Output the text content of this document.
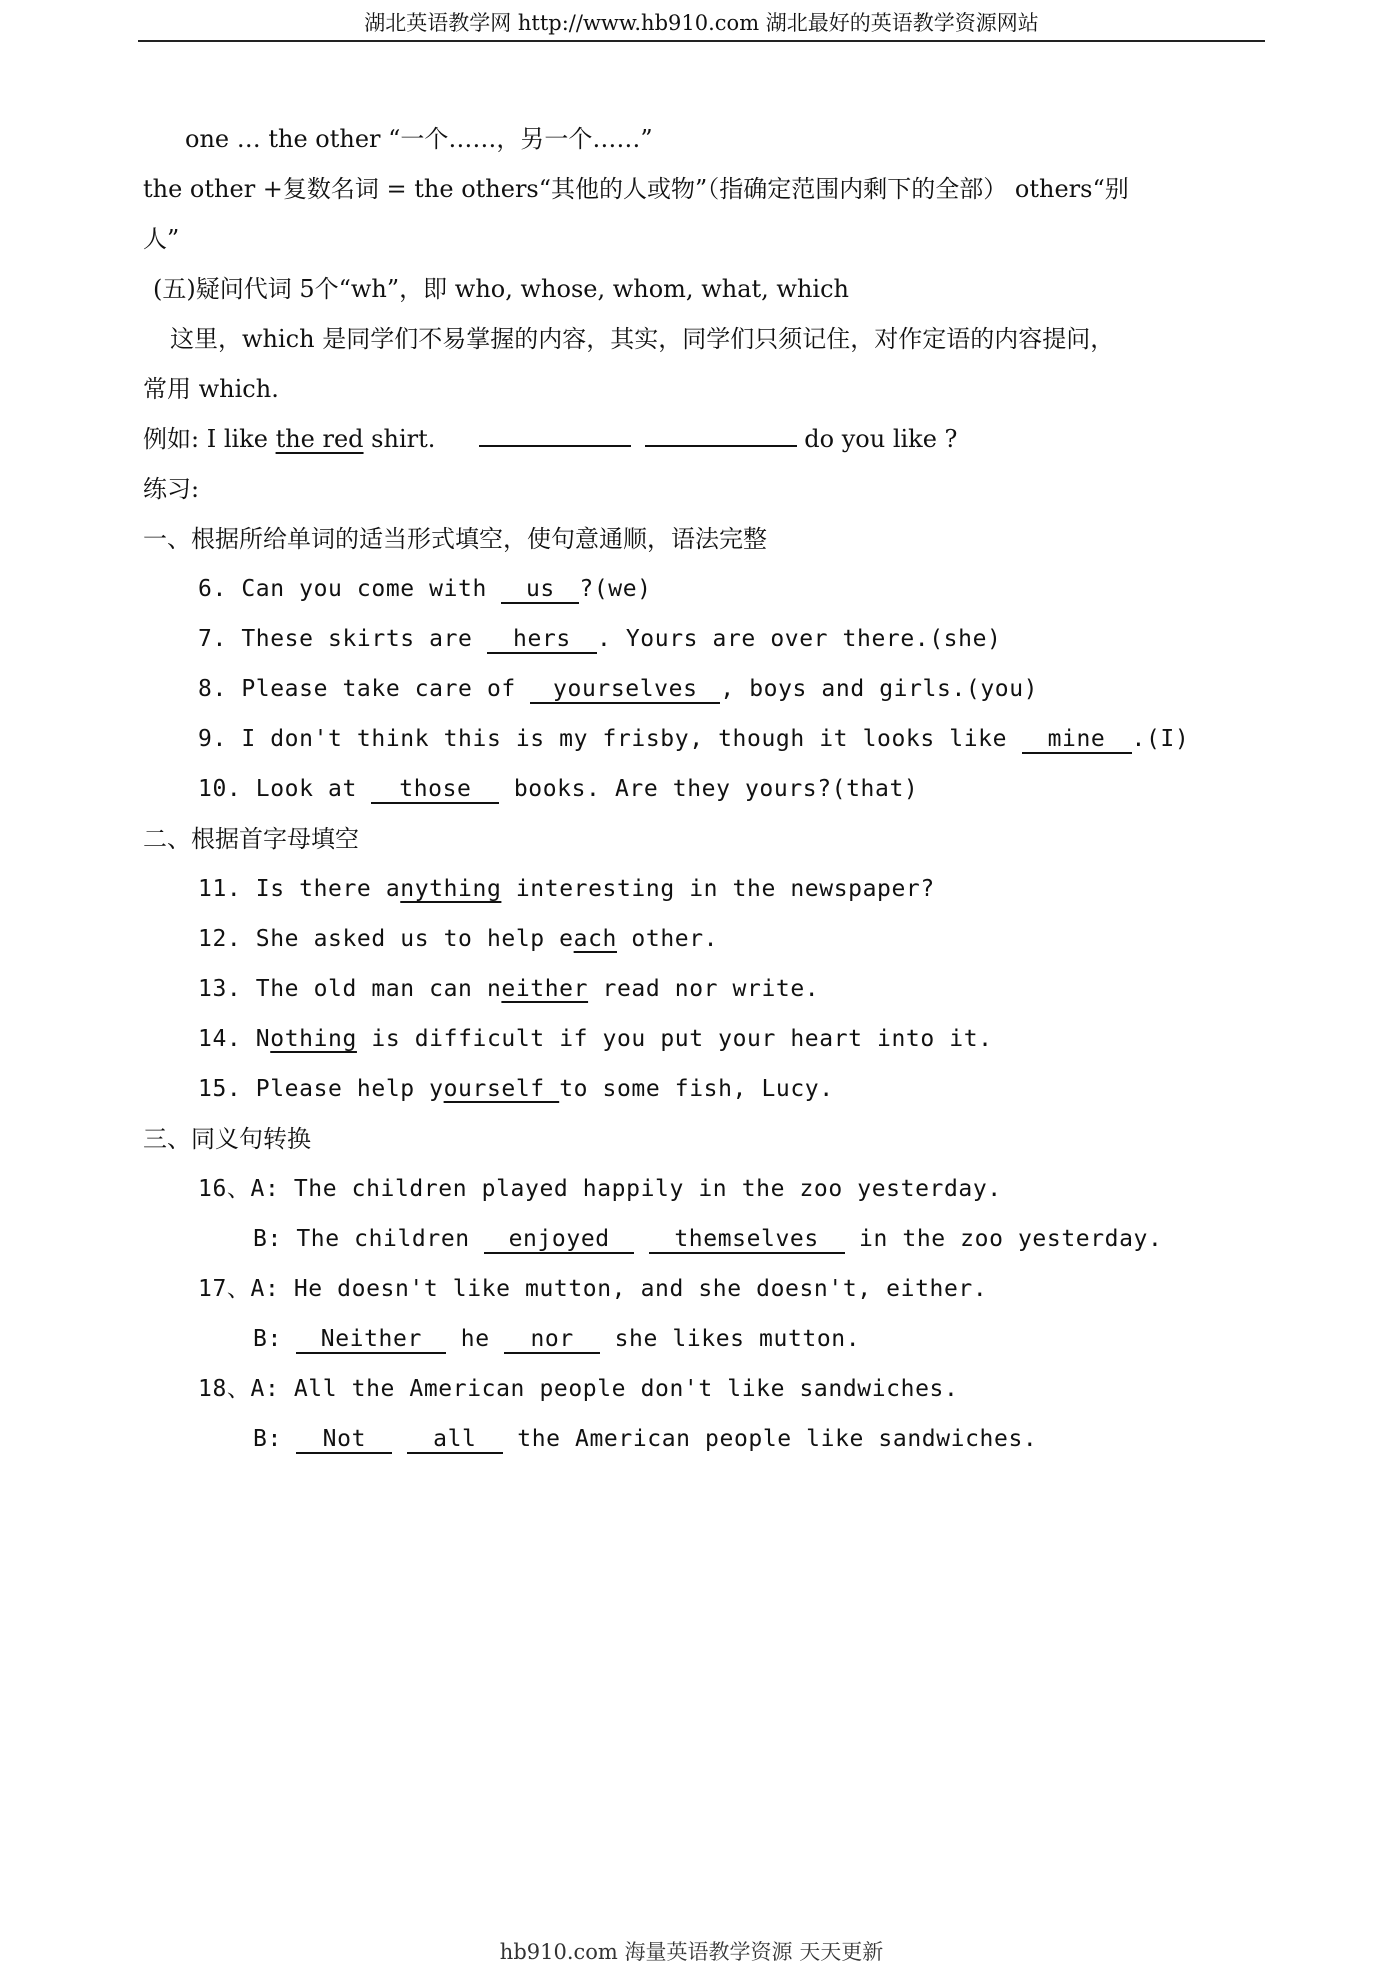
湖北英语教学网 http://www.hb910.com 湖北最好的英语教学资源网站
one … the other “一个……，另一个……”
the other +复数名词 = the others“其他的人或物”（指确定范围内剩下的全部） others“别
人”
(五)疑问代词 5个“wh”，即 who, whose, whom, what, which
这里，which 是同学们不易掌握的内容，其实，同学们只须记住，对作定语的内容提问，
常用 which.
例如: I like the red shirt.	do you like ?
练习:
一、根据所给单词的适当形式填空，使句意通顺，语法完整
6. Can you come with us ?(we)
7. These skirts are hers . Yours are over there.(she)
8. Please take care of yourselves , boys and girls.(you)
9. I don't think this is my frisby, though it looks like mine .(I)
10. Look at those books. Are they yours?(that)
二、根据首字母填空
11. Is there anything interesting in the newspaper?
12. She asked us to help each other.
13. The old man can neither read nor write.
14. Nothing is difficult if you put your heart into it.
15. Please help yourself to some fish, Lucy.
三、同义句转换
16、A: The children played happily in the zoo yesterday.
B: The children enjoyed	themselves in the zoo yesterday.
17、A: He doesn't like mutton, and she doesn't, either.
B: Neither he nor she likes mutton.
18、A: All the American people don't like sandwiches.
B: Not	all the American people like sandwiches.
hb910.com 海量英语教学资源 天天更新
